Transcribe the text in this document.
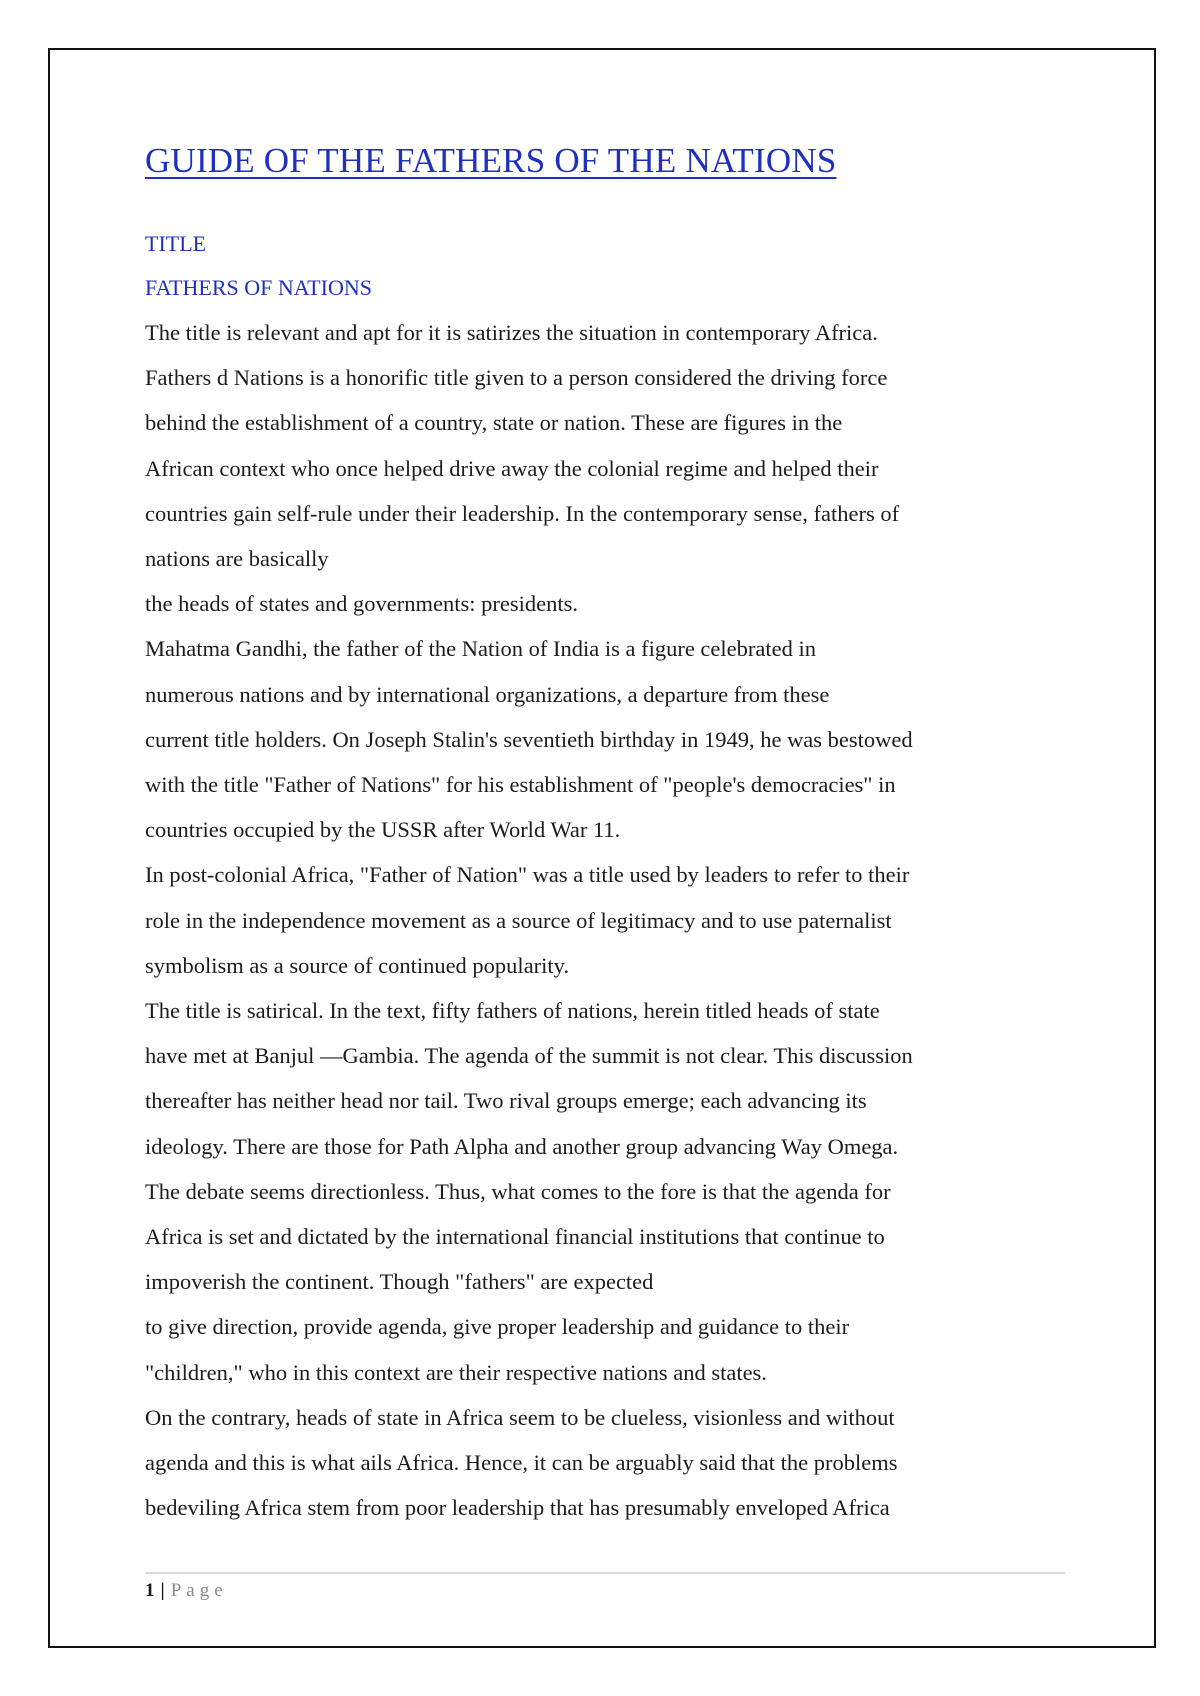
GUIDE OF THE FATHERS OF THE NATIONS

TITLE

FATHERS OF NATIONS

The title is relevant and apt for it is satirizes the situation in contemporary Africa.

Fathers d Nations is a honorific title given to a person considered the driving force

behind the establishment of a country, state or nation. These are figures in the

African context who once helped drive away the colonial regime and helped their

countries gain self-rule under their leadership. In the contemporary sense, fathers of

nations are basically

the heads of states and governments: presidents.

Mahatma Gandhi, the father of the Nation of India is a figure celebrated in

numerous nations and by international organizations, a departure from these

current title holders. On Joseph Stalin's seventieth birthday in 1949, he was bestowed

with the title "Father of Nations" for his establishment of "people's democracies" in

countries occupied by the USSR after World War 11.

In post-colonial Africa, "Father of Nation" was a title used by leaders to refer to their

role in the independence movement as a source of legitimacy and to use paternalist

symbolism as a source of continued popularity.

The title is satirical. In the text, fifty fathers of nations, herein titled heads of state

have met at Banjul —Gambia. The agenda of the summit is not clear. This discussion

thereafter has neither head nor tail. Two rival groups emerge; each advancing its

ideology. There are those for Path Alpha and another group advancing Way Omega.

The debate seems directionless. Thus, what comes to the fore is that the agenda for

Africa is set and dictated by the international financial institutions that continue to

impoverish the continent. Though "fathers" are expected

to give direction, provide agenda, give proper leadership and guidance to their

"children," who in this context are their respective nations and states.

On the contrary, heads of state in Africa seem to be clueless, visionless and without

agenda and this is what ails Africa. Hence, it can be arguably said that the problems

bedeviling Africa stem from poor leadership that has presumably enveloped Africa

1 | Page
